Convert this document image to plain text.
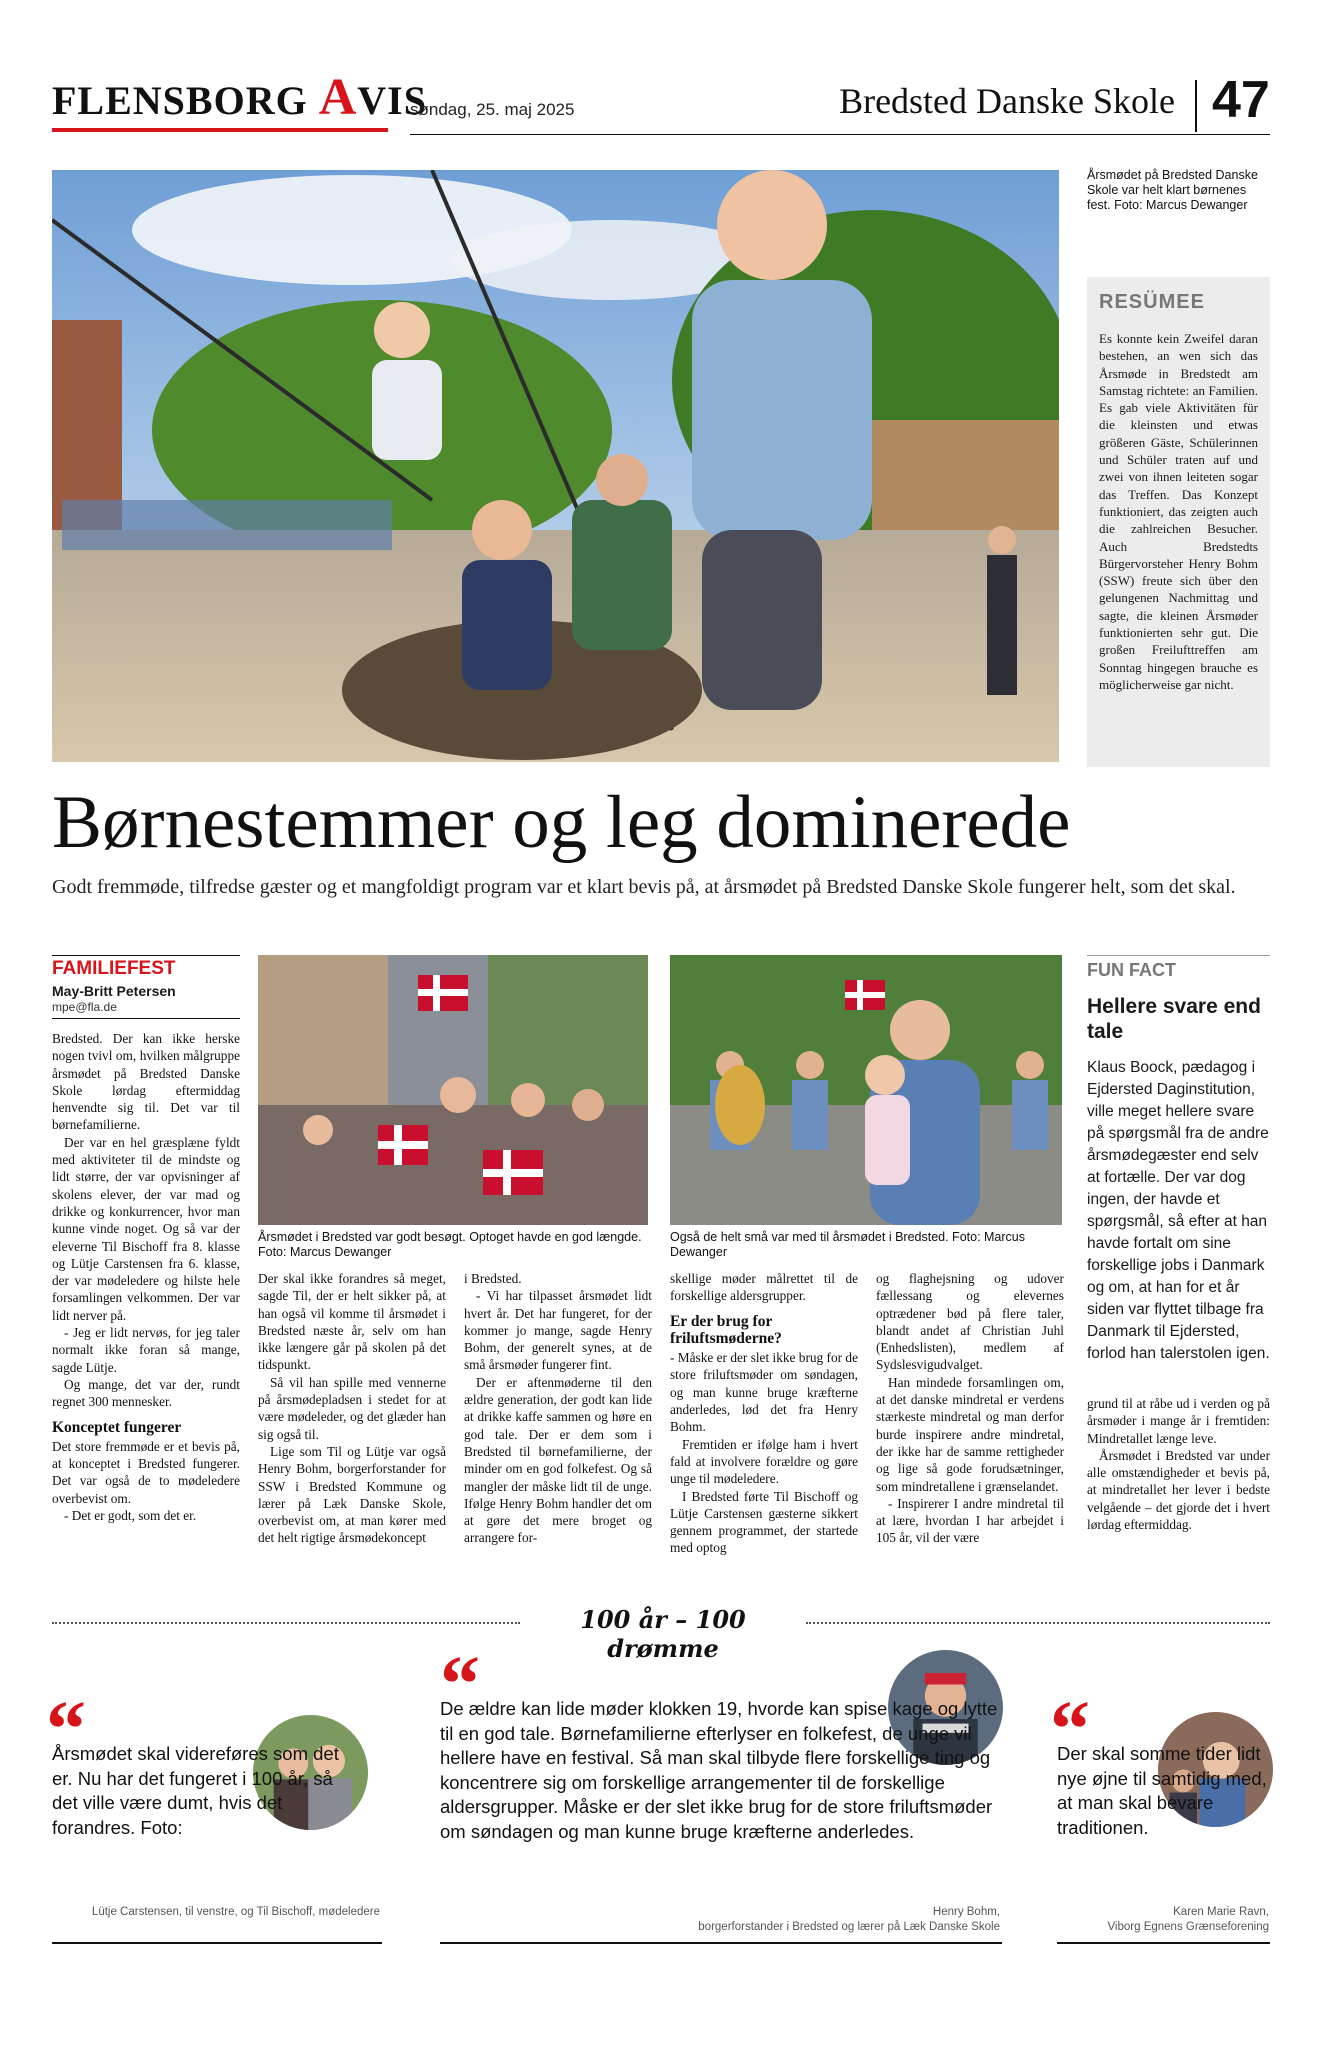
FLENSBORG AVIS
søndag, 25. maj 2025	Bredsted Danske Skole 47
Årsmødet på Bredsted Danske Skole var helt klart børnenes fest. Foto: Marcus Dewanger
RESÜMEE

Es konnte kein Zweifel daran bestehen, an wen sich das Årsmøde in Bredstedt am Samstag richtete: an Familien. Es gab viele Aktivitäten für die kleinsten und etwas größeren Gäste, Schülerinnen und Schüler traten auf und zwei von ihnen leiteten sogar das Treffen. Das Konzept funktioniert, das zeigten auch die zahlreichen Besucher. Auch Bredstedts Bürgervorsteher Henry Bohm (SSW) freute sich über den gelungenen Nachmittag und sagte, die kleinen Årsmøder funktionierten sehr gut. Die großen Freilufttreffen am Sonntag hingegen brauche es möglicherweise gar nicht.

Børnestemmer og leg dominerede
Godt fremmøde, tilfredse gæster og et mangfoldigt program var et klart bevis på, at årsmødet på Bredsted Danske Skole fungerer helt, som det skal.
FAMILIEFEST
May-Britt Petersen
mpe@fla.de
Årsmødet i Bredsted var godt besøgt. Optoget havde en god længde. Foto: Marcus Dewanger
Også de helt små var med til årsmødet i Bredsted. Foto: Marcus Dewanger

Bredsted. Der kan ikke herske nogen tvivl om, hvilken målgruppe årsmødet på Bredsted Danske Skole lørdag eftermiddag henvendte sig til. Det var til børnefamilierne.

Der var en hel græsplæne fyldt med aktiviteter til de mindste og lidt større, der var opvisninger af skolens elever, der var mad og drikke og konkurrencer, hvor man kunne vinde noget. Og så var der eleverne Til Bischoff fra 8. klasse og Lütje Carstensen fra 6. klasse, der var mødeledere og hilste hele forsamlingen velkommen. Der var lidt nerver på.

- Jeg er lidt nervøs, for jeg taler normalt ikke foran så mange, sagde Lütje.

Og mange, det var der, rundt regnet 300 mennesker.

Konceptet fungerer

Det store fremmøde er et bevis på, at konceptet i Bredsted fungerer. Det var også de to mødeledere overbevist om.

- Det er godt, som det er.

Der skal ikke forandres så meget, sagde Til, der er helt sikker på, at han også vil komme til årsmødet i Bredsted næste år, selv om han ikke længere går på skolen på det tidspunkt.

Så vil han spille med vennerne på årsmødepladsen i stedet for at være mødeleder, og det glæder han sig også til.

Lige som Til og Lütje var også Henry Bohm, borgerforstander for SSW i Bredsted Kommune og lærer på Læk Danske Skole, overbevist om, at man kører med det helt rigtige årsmødekoncept

i Bredsted.

- Vi har tilpasset årsmødet lidt hvert år. Det har fungeret, for der kommer jo mange, sagde Henry Bohm, der generelt synes, at de små årsmøder fungerer fint.

Der er aftenmøderne til den ældre generation, der godt kan lide at drikke kaffe sammen og høre en god tale. Der er dem som i Bredsted til børnefamilierne, der minder om en god folkefest. Og så mangler der måske lidt til de unge. Ifølge Henry Bohm handler det om at gøre det mere broget og arrangere for-

skellige møder målrettet til de forskellige aldersgrupper.

Er der brug for friluftsmøderne?

- Måske er der slet ikke brug for de store friluftsmøder om søndagen, og man kunne bruge kræfterne anderledes, lød det fra Henry Bohm.

Fremtiden er ifølge ham i hvert fald at involvere forældre og gøre unge til mødeledere.

I Bredsted førte Til Bischoff og Lütje Carstensen gæsterne sikkert gennem programmet, der startede med optog

og flaghejsning og udover fællessang og elevernes optrædener bød på flere taler, blandt andet af Christian Juhl (Enhedslisten), medlem af Sydslesvigudvalget.

Han mindede forsamlingen om, at det danske mindretal er verdens stærkeste mindretal og man derfor burde inspirere andre mindretal, der ikke har de samme rettigheder og lige så gode forudsætninger, som mindretallene i grænselandet.

- Inspirerer I andre mindretal til at lære, hvordan I har arbejdet i 105 år, vil der være

grund til at råbe ud i verden og på årsmøder i mange år i fremtiden: Mindretallet længe leve.

Årsmødet i Bredsted var under alle omstændigheder et bevis på, at mindretallet her lever i bedste velgående – det gjorde det i hvert lørdag eftermiddag.

FUN FACT
Hellere svare end tale
Klaus Boock, pædagog i Ejdersted Daginstitution, ville meget hellere svare på spørgsmål fra de andre årsmødegæster end selv at fortælle. Der var dog ingen, der havde et spørgsmål, så efter at han havde fortalt om sine forskellige jobs i Danmark og om, at han for et år siden var flyttet tilbage fra Danmark til Ejdersted, forlod han talerstolen igen.
100 år – 100 drømme
“
Årsmødet skal videreføres som det er. Nu har det fungeret i 100 år, så det ville være dumt, hvis det forandres. Foto:
Lütje Carstensen, til venstre, og Til Bischoff, mødeledere
“
De ældre kan lide møder klokken 19, hvorde kan spise kage og lytte til en god tale. Børnefamilierne efterlyser en folkefest, de unge vil hellere have en festival. Så man skal tilbyde flere forskellige ting og koncentrere sig om forskellige arrangementer til de forskellige aldersgrupper. Måske er der slet ikke brug for de store friluftsmøder om søndagen og man kunne bruge kræfterne anderledes.
Henry Bohm,
borgerforstander i Bredsted og lærer på Læk Danske Skole
“
Der skal somme tider lidt nye øjne til samtidig med, at man skal bevare traditionen.
Karen Marie Ravn,
Viborg Egnens Grænseforening
